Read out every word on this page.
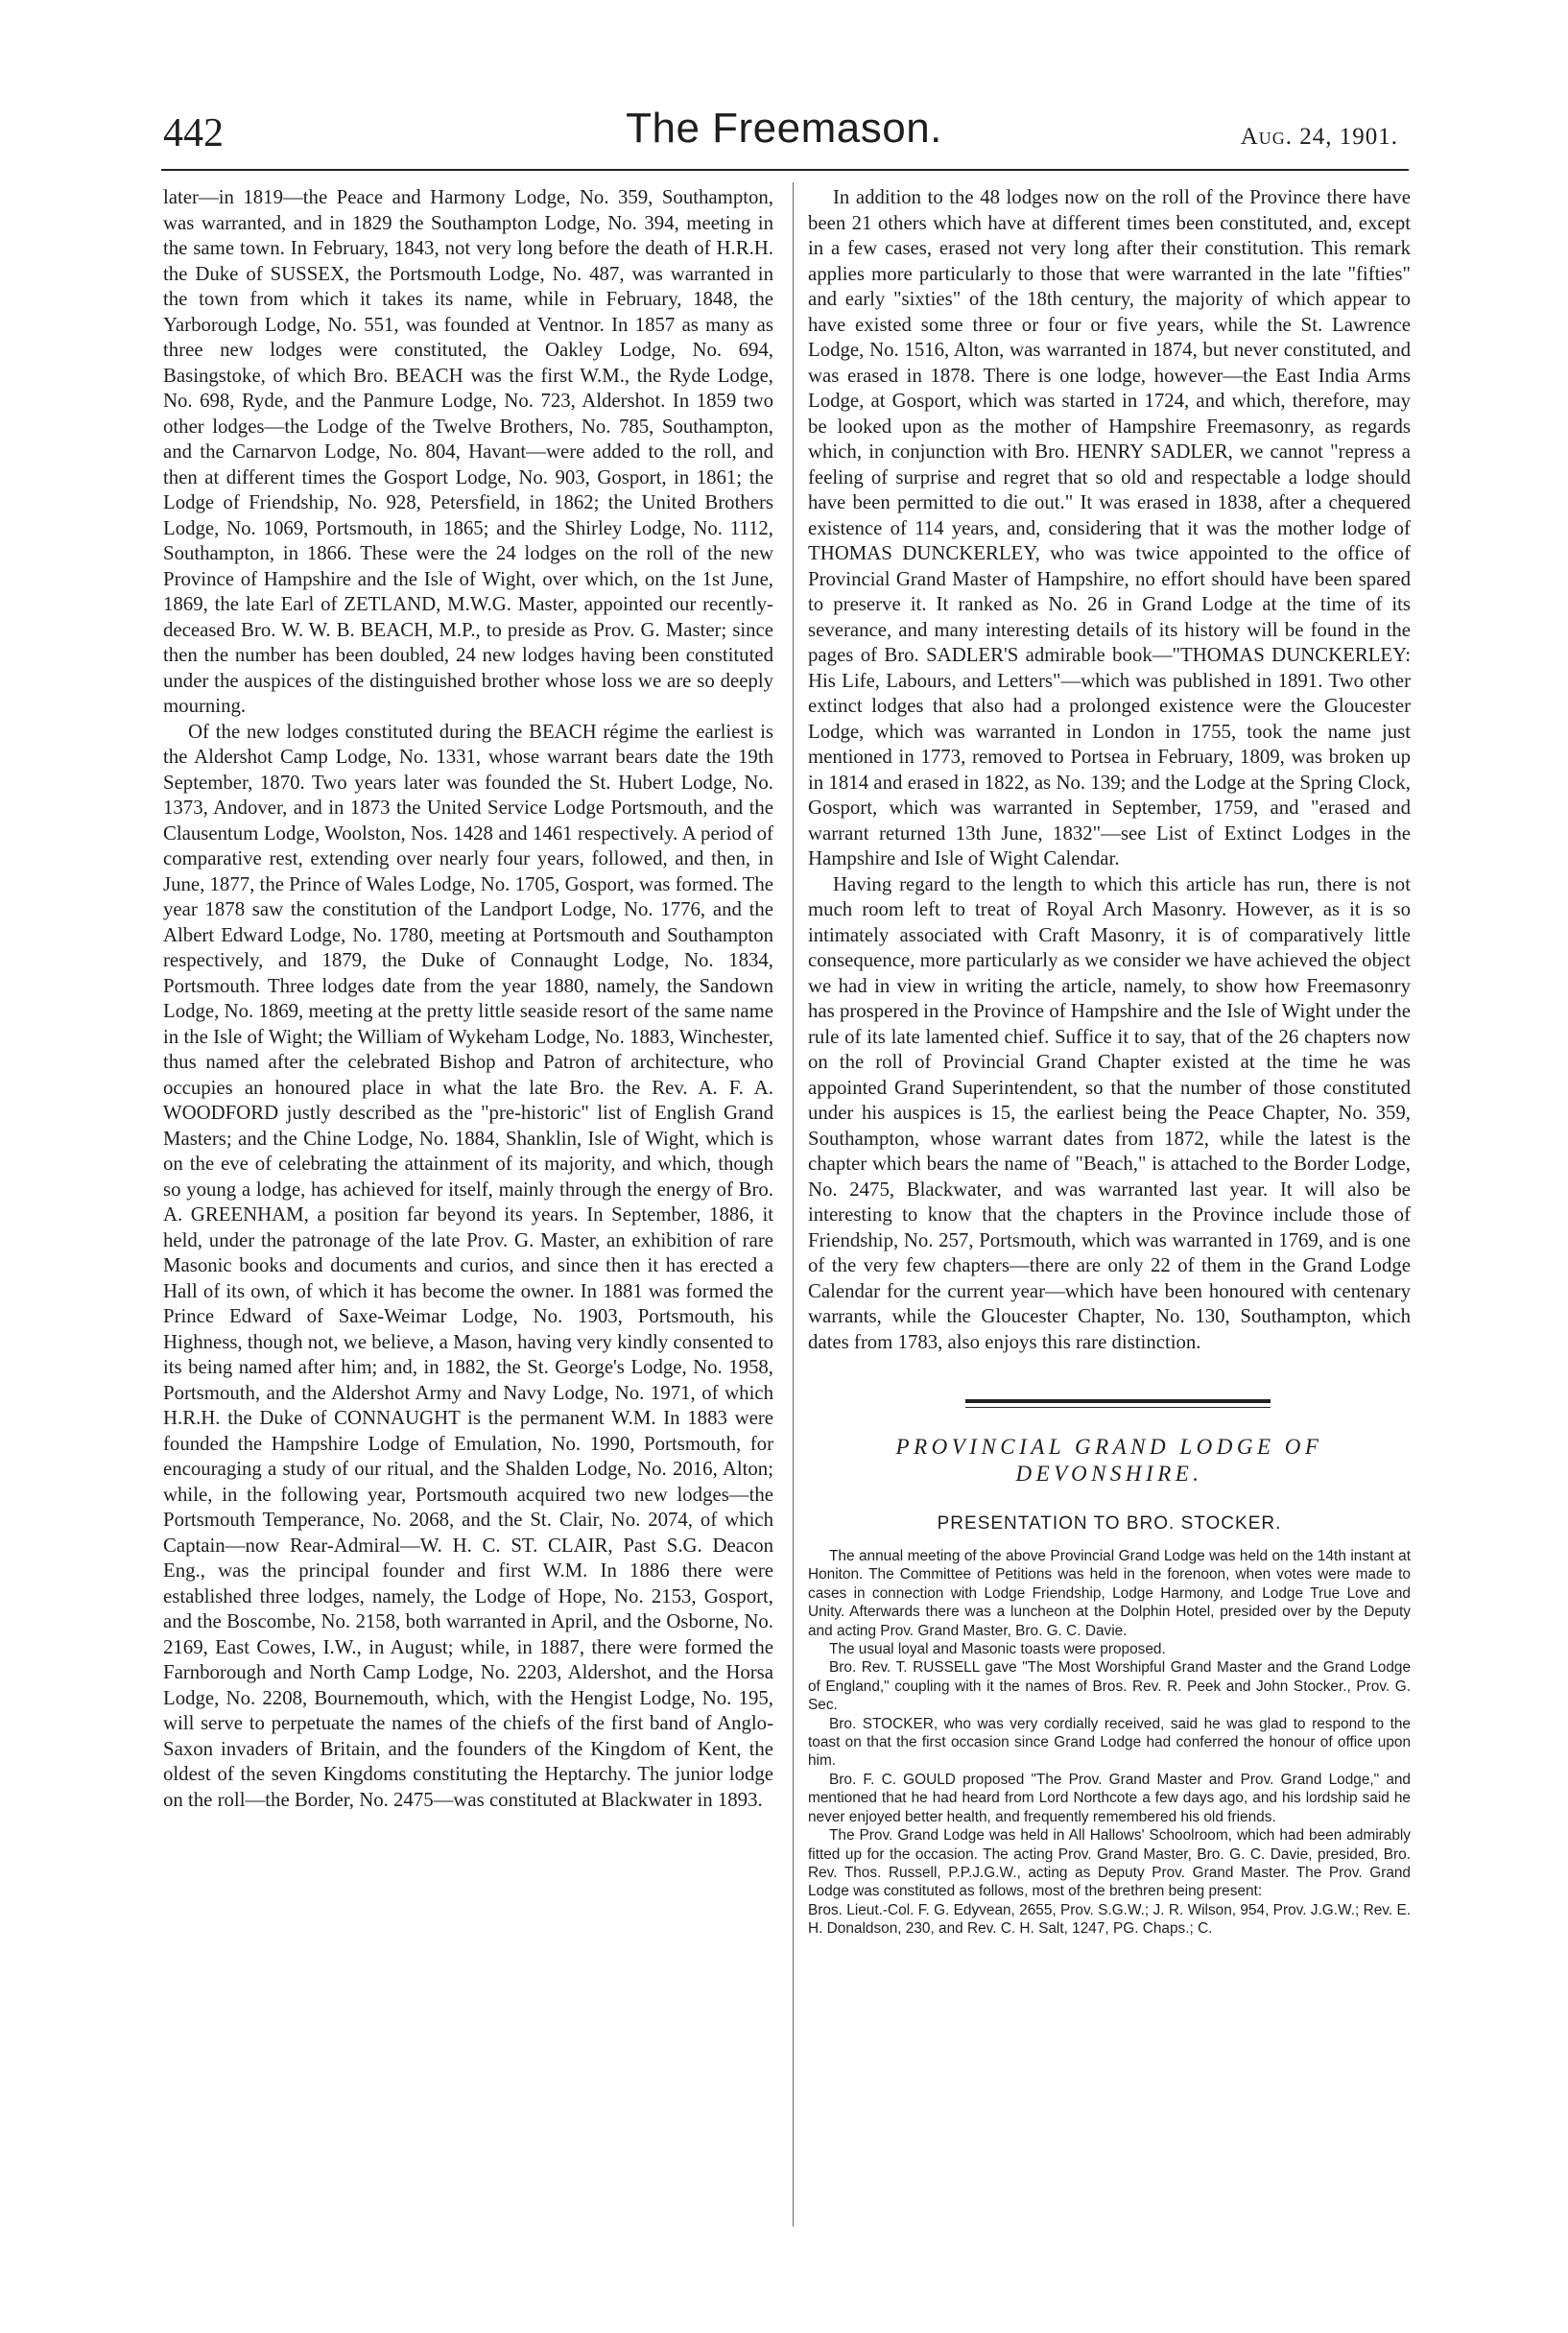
442	The Freemason.	Aug. 24, 1901.

later—in 1819—the Peace and Harmony Lodge, No. 359, Southampton, was warranted, and in 1829 the Southampton Lodge, No. 394, meeting in the same town. In February, 1843, not very long before the death of H.R.H. the Duke of SUSSEX, the Portsmouth Lodge, No. 487, was warranted in the town from which it takes its name, while in February, 1848, the Yarborough Lodge, No. 551, was founded at Ventnor. In 1857 as many as three new lodges were constituted, the Oakley Lodge, No. 694, Basingstoke, of which Bro. BEACH was the first W.M., the Ryde Lodge, No. 698, Ryde, and the Panmure Lodge, No. 723, Aldershot. In 1859 two other lodges—the Lodge of the Twelve Brothers, No. 785, Southampton, and the Carnarvon Lodge, No. 804, Havant—were added to the roll, and then at different times the Gosport Lodge, No. 903, Gosport, in 1861; the Lodge of Friendship, No. 928, Petersfield, in 1862; the United Brothers Lodge, No. 1069, Portsmouth, in 1865; and the Shirley Lodge, No. 1112, Southampton, in 1866. These were the 24 lodges on the roll of the new Province of Hampshire and the Isle of Wight, over which, on the 1st June, 1869, the late Earl of ZETLAND, M.W.G. Master, appointed our recently-deceased Bro. W. W. B. BEACH, M.P., to preside as Prov. G. Master; since then the number has been doubled, 24 new lodges having been constituted under the auspices of the distinguished brother whose loss we are so deeply mourning.

Of the new lodges constituted during the BEACH régime the earliest is the Aldershot Camp Lodge, No. 1331, whose warrant bears date the 19th September, 1870. Two years later was founded the St. Hubert Lodge, No. 1373, Andover, and in 1873 the United Service Lodge Portsmouth, and the Clausentum Lodge, Woolston, Nos. 1428 and 1461 respectively. A period of comparative rest, extending over nearly four years, followed, and then, in June, 1877, the Prince of Wales Lodge, No. 1705, Gosport, was formed. The year 1878 saw the constitution of the Landport Lodge, No. 1776, and the Albert Edward Lodge, No. 1780, meeting at Portsmouth and Southampton respectively, and 1879, the Duke of Connaught Lodge, No. 1834, Portsmouth. Three lodges date from the year 1880, namely, the Sandown Lodge, No. 1869, meeting at the pretty little seaside resort of the same name in the Isle of Wight; the William of Wykeham Lodge, No. 1883, Winchester, thus named after the celebrated Bishop and Patron of architecture, who occupies an honoured place in what the late Bro. the Rev. A. F. A. WOODFORD justly described as the "pre-historic" list of English Grand Masters; and the Chine Lodge, No. 1884, Shanklin, Isle of Wight, which is on the eve of celebrating the attainment of its majority, and which, though so young a lodge, has achieved for itself, mainly through the energy of Bro. A. GREENHAM, a position far beyond its years. In September, 1886, it held, under the patronage of the late Prov. G. Master, an exhibition of rare Masonic books and documents and curios, and since then it has erected a Hall of its own, of which it has become the owner. In 1881 was formed the Prince Edward of Saxe-Weimar Lodge, No. 1903, Portsmouth, his Highness, though not, we believe, a Mason, having very kindly consented to its being named after him; and, in 1882, the St. George's Lodge, No. 1958, Portsmouth, and the Aldershot Army and Navy Lodge, No. 1971, of which H.R.H. the Duke of CONNAUGHT is the permanent W.M. In 1883 were founded the Hampshire Lodge of Emulation, No. 1990, Portsmouth, for encouraging a study of our ritual, and the Shalden Lodge, No. 2016, Alton; while, in the following year, Portsmouth acquired two new lodges—the Portsmouth Temperance, No. 2068, and the St. Clair, No. 2074, of which Captain—now Rear-Admiral—W. H. C. ST. CLAIR, Past S.G. Deacon Eng., was the principal founder and first W.M. In 1886 there were established three lodges, namely, the Lodge of Hope, No. 2153, Gosport, and the Boscombe, No. 2158, both warranted in April, and the Osborne, No. 2169, East Cowes, I.W., in August; while, in 1887, there were formed the Farnborough and North Camp Lodge, No. 2203, Aldershot, and the Horsa Lodge, No. 2208, Bournemouth, which, with the Hengist Lodge, No. 195, will serve to perpetuate the names of the chiefs of the first band of Anglo-Saxon invaders of Britain, and the founders of the Kingdom of Kent, the oldest of the seven Kingdoms constituting the Heptarchy. The junior lodge on the roll—the Border, No. 2475—was constituted at Blackwater in 1893.

In addition to the 48 lodges now on the roll of the Province there have been 21 others which have at different times been constituted, and, except in a few cases, erased not very long after their constitution. This remark applies more particularly to those that were warranted in the late "fifties" and early "sixties" of the 18th century, the majority of which appear to have existed some three or four or five years, while the St. Lawrence Lodge, No. 1516, Alton, was warranted in 1874, but never constituted, and was erased in 1878. There is one lodge, however—the East India Arms Lodge, at Gosport, which was started in 1724, and which, therefore, may be looked upon as the mother of Hampshire Freemasonry, as regards which, in conjunction with Bro. HENRY SADLER, we cannot "repress a feeling of surprise and regret that so old and respectable a lodge should have been permitted to die out." It was erased in 1838, after a chequered existence of 114 years, and, considering that it was the mother lodge of THOMAS DUNCKERLEY, who was twice appointed to the office of Provincial Grand Master of Hampshire, no effort should have been spared to preserve it. It ranked as No. 26 in Grand Lodge at the time of its severance, and many interesting details of its history will be found in the pages of Bro. SADLER'S admirable book—"THOMAS DUNCKERLEY: His Life, Labours, and Letters"—which was published in 1891. Two other extinct lodges that also had a prolonged existence were the Gloucester Lodge, which was warranted in London in 1755, took the name just mentioned in 1773, removed to Portsea in February, 1809, was broken up in 1814 and erased in 1822, as No. 139; and the Lodge at the Spring Clock, Gosport, which was warranted in September, 1759, and "erased and warrant returned 13th June, 1832"—see List of Extinct Lodges in the Hampshire and Isle of Wight Calendar.

Having regard to the length to which this article has run, there is not much room left to treat of Royal Arch Masonry. However, as it is so intimately associated with Craft Masonry, it is of comparatively little consequence, more particularly as we consider we have achieved the object we had in view in writing the article, namely, to show how Freemasonry has prospered in the Province of Hampshire and the Isle of Wight under the rule of its late lamented chief. Suffice it to say, that of the 26 chapters now on the roll of Provincial Grand Chapter existed at the time he was appointed Grand Superintendent, so that the number of those constituted under his auspices is 15, the earliest being the Peace Chapter, No. 359, Southampton, whose warrant dates from 1872, while the latest is the chapter which bears the name of "Beach," is attached to the Border Lodge, No. 2475, Blackwater, and was warranted last year. It will also be interesting to know that the chapters in the Province include those of Friendship, No. 257, Portsmouth, which was warranted in 1769, and is one of the very few chapters—there are only 22 of them in the Grand Lodge Calendar for the current year—which have been honoured with centenary warrants, while the Gloucester Chapter, No. 130, Southampton, which dates from 1783, also enjoys this rare distinction.

PROVINCIAL GRAND LODGE OF DEVONSHIRE.
PRESENTATION TO BRO. STOCKER.

The annual meeting of the above Provincial Grand Lodge was held on the 14th instant at Honiton. The Committee of Petitions was held in the forenoon, when votes were made to cases in connection with Lodge Friendship, Lodge Harmony, and Lodge True Love and Unity. Afterwards there was a luncheon at the Dolphin Hotel, presided over by the Deputy and acting Prov. Grand Master, Bro. G. C. Davie.

The usual loyal and Masonic toasts were proposed.

Bro. Rev. T. RUSSELL gave "The Most Worshipful Grand Master and the Grand Lodge of England," coupling with it the names of Bros. Rev. R. Peek and John Stocker., Prov. G. Sec.

Bro. STOCKER, who was very cordially received, said he was glad to respond to the toast on that the first occasion since Grand Lodge had conferred the honour of office upon him.

Bro. F. C. GOULD proposed "The Prov. Grand Master and Prov. Grand Lodge," and mentioned that he had heard from Lord Northcote a few days ago, and his lordship said he never enjoyed better health, and frequently remembered his old friends.

The Prov. Grand Lodge was held in All Hallows' Schoolroom, which had been admirably fitted up for the occasion. The acting Prov. Grand Master, Bro. G. C. Davie, presided, Bro. Rev. Thos. Russell, P.P.J.G.W., acting as Deputy Prov. Grand Master. The Prov. Grand Lodge was constituted as follows, most of the brethren being present:

Bros. Lieut.-Col. F. G. Edyvean, 2655, Prov. S.G.W.; J. R. Wilson, 954, Prov. J.G.W.; Rev. E. H. Donaldson, 230, and Rev. C. H. Salt, 1247, PG. Chaps.; C.
